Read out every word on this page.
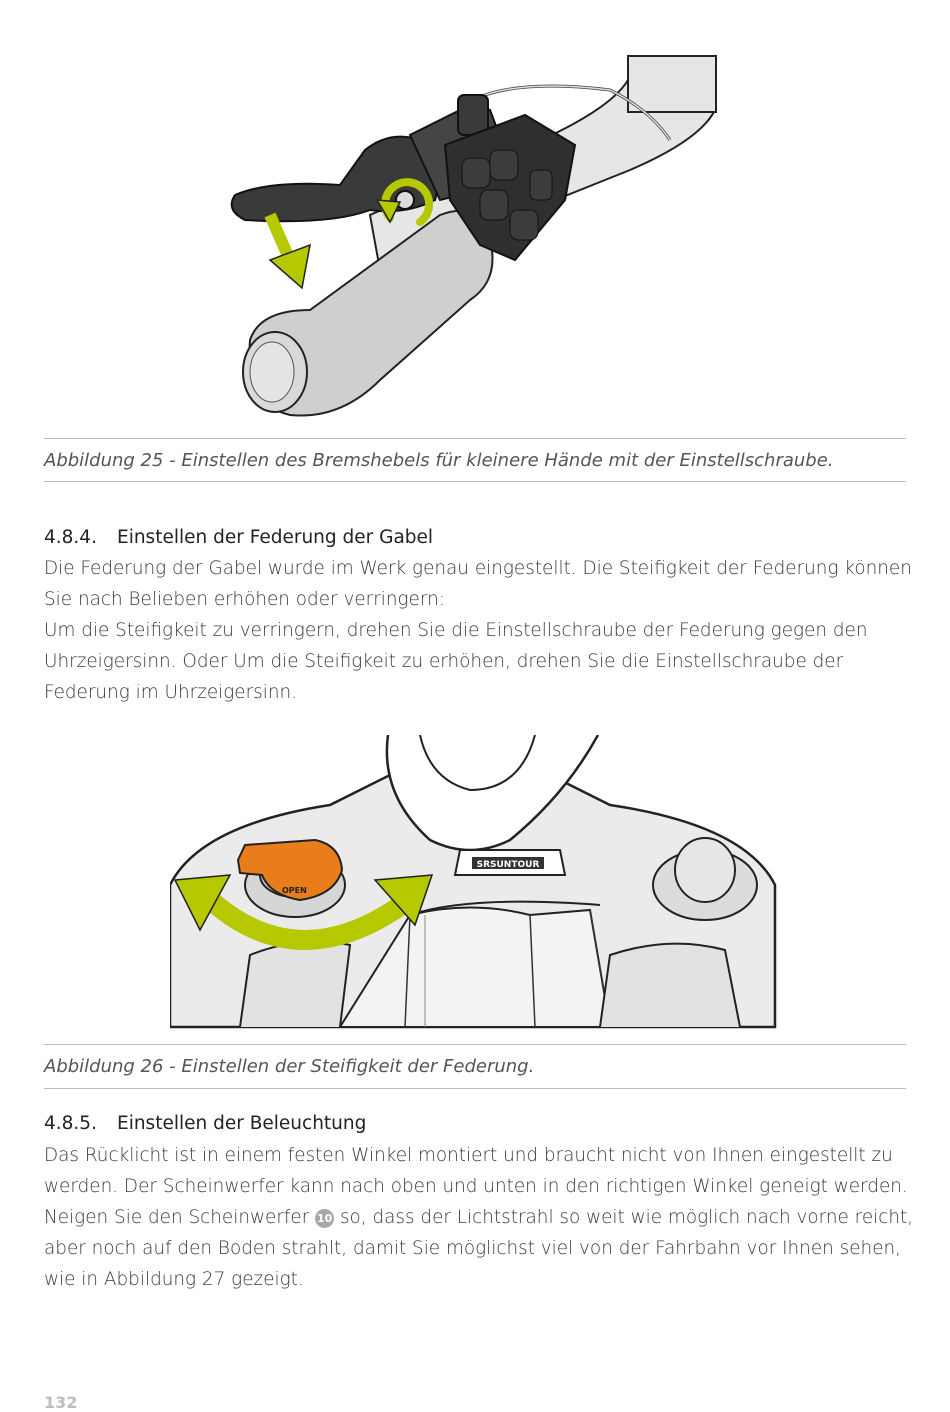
Abbildung 25 - Einstellen des Bremshebels für kleinere Hände mit der Einstellschraube.
4.8.4.	Einstellen der Federung der Gabel

Die Federung der Gabel wurde im Werk genau eingestellt. Die Steifigkeit der Federung können Sie nach Belieben erhöhen oder verringern:

Um die Steifigkeit zu verringern, drehen Sie die Einstellschraube der Federung gegen den Uhrzeigersinn. Oder Um die Steifigkeit zu erhöhen, drehen Sie die Einstellschraube der Federung im Uhrzeigersinn.

SRSUNTOUR
OPEN
Abbildung 26 - Einstellen der Steifigkeit der Federung.
4.8.5.	Einstellen der Beleuchtung

Das Rücklicht ist in einem festen Winkel montiert und braucht nicht von Ihnen eingestellt zu werden. Der Scheinwerfer kann nach oben und unten in den richtigen Winkel geneigt werden. Neigen Sie den Scheinwerfer 10 so, dass der Lichtstrahl so weit wie möglich nach vorne reicht, aber noch auf den Boden strahlt, damit Sie möglichst viel von der Fahrbahn vor Ihnen sehen, wie in Abbildung 27 gezeigt.

132
